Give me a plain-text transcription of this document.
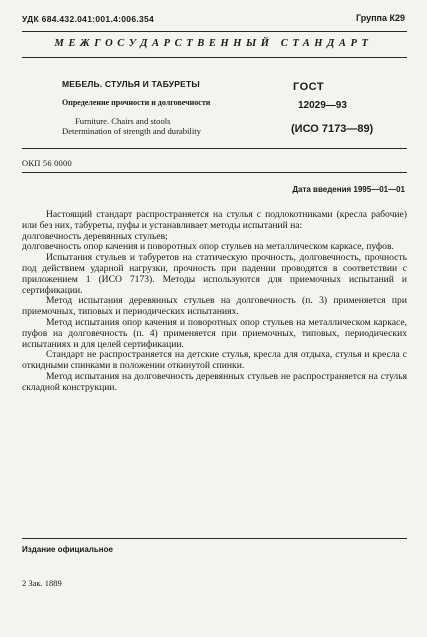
УДК 684.432.041:001.4:006.354	Группа К29
МЕЖГОСУДАРСТВЕННЫЙ СТАНДАРТ
МЕБЕЛЬ. СТУЛЬЯ И ТАБУРЕТЫ
Определение прочности и долговечности
Furniture. Chairs and stools
Determination of strength and durability
ГОСТ
12029—93
(ИСО 7173—89)
ОКП 56 0000
Дата введения 1995—01—01

Настоящий стандарт распространяется на стулья с подлокотниками (кресла рабочие) или без них, табуреты, пуфы и устанавливает методы испытаний на:

долговечность деревянных стульев;

долговечность опор качения и поворотных опор стульев на металлическом каркасе, пуфов.

Испытания стульев и табуретов на статическую прочность, долговечность, прочность под действием ударной нагрузки, прочность при падении проводятся в соответствии с приложением 1 (ИСО 7173). Методы используются для приемочных испытаний и сертификации.

Метод испытания деревянных стульев на долговечность (п. 3) применяется при приемочных, типовых и периодических испытаниях.

Метод испытания опор качения и поворотных опор стульев на металлическом каркасе, пуфов на долговечность (п. 4) применяется при приемочных, типовых, периодических испытаниях и для целей сертификации.

Стандарт не распространяется на детские стулья, кресла для отдыха, стулья и кресла с откидными спинками в положении откинутой спинки.

Метод испытания на долговечность деревянных стульев не распространяется на стулья складной конструкции.

Издание официальное
2 Зак. 1889
